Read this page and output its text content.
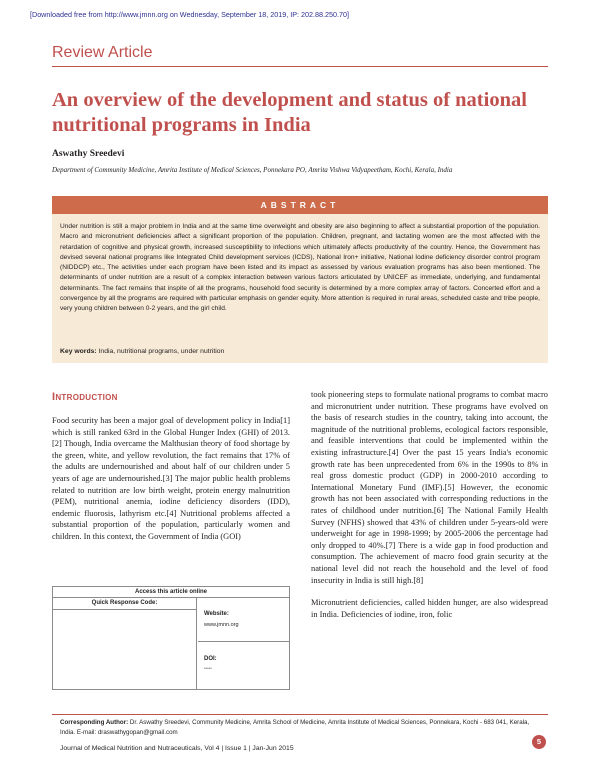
[Downloaded free from http://www.jmnn.org on Wednesday, September 18, 2019, IP: 202.88.250.70]
Review Article
An overview of the development and status of national nutritional programs in India
Aswathy Sreedevi
Department of Community Medicine, Amrita Institute of Medical Sciences, Ponnekara PO, Amrita Vishwa Vidyapeetham, Kochi, Kerala, India
ABSTRACT
Under nutrition is still a major problem in India and at the same time overweight and obesity are also beginning to affect a substantial proportion of the population. Macro and micronutrient deficiencies affect a significant proportion of the population. Children, pregnant, and lactating women are the most affected with the retardation of cognitive and physical growth, increased susceptibility to infections which ultimately affects productivity of the country. Hence, the Government has devised several national programs like Integrated Child development services (ICDS), National Iron+ initiative, National Iodine deficiency disorder control program (NIDDCP) etc., The activities under each program have been listed and its impact as assessed by various evaluation programs has also been mentioned. The determinants of under nutrition are a result of a complex interaction between various factors articulated by UNICEF as immediate, underlying, and fundamental determinants. The fact remains that inspite of all the programs, household food security is determined by a more complex array of factors. Concerted effort and a convergence by all the programs are required with particular emphasis on gender equity. More attention is required in rural areas, scheduled caste and tribe people, very young children between 0-2 years, and the girl child.
Key words: India, nutritional programs, under nutrition
Introduction

Food security has been a major goal of development policy in India[1] which is still ranked 63rd in the Global Hunger Index (GHI) of 2013.[2] Though, India overcame the Malthusian theory of food shortage by the green, white, and yellow revolution, the fact remains that 17% of the adults are undernourished and about half of our children under 5 years of age are undernourished.[3] The major public health problems related to nutrition are low birth weight, protein energy malnutrition (PEM), nutritional anemia, iodine deficiency disorders (IDD), endemic fluorosis, lathyrism etc.[4] Nutritional problems affected a substantial proportion of the population, particularly women and children. In this context, the Government of India (GOI)

took pioneering steps to formulate national programs to combat macro and micronutrient under nutrition. These programs have evolved on the basis of research studies in the country, taking into account, the magnitude of the nutritional problems, ecological factors responsible, and feasible interventions that could be implemented within the existing infrastructure.[4] Over the past 15 years India's economic growth rate has been unprecedented from 6% in the 1990s to 8% in real gross domestic product (GDP) in 2000-2010 according to International Monetary Fund (IMF).[5] However, the economic growth has not been associated with corresponding reductions in the rates of childhood under nutrition.[6] The National Family Health Survey (NFHS) showed that 43% of children under 5-years-old were underweight for age in 1998-1999; by 2005-2006 the percentage had only dropped to 40%.[7] There is a wide gap in food production and consumption. The achievement of macro food grain security at the national level did not reach the household and the level of food insecurity in India is still high.[8]

Micronutrient deficiencies, called hidden hunger, are also widespread in India. Deficiencies of iodine, iron, folic

Access this article online
Quick Response Code:
Website:
www.jmnn.org
DOI:
*****
Corresponding Author: Dr. Aswathy Sreedevi, Community Medicine, Amrita School of Medicine, Amrita Institute of Medical Sciences, Ponnekara, Kochi - 683 041, Kerala, India. E-mail: draswathygopan@gmail.com
Journal of Medical Nutrition and Nutraceuticals, Vol 4 | Issue 1 | Jan-Jun 2015
5
